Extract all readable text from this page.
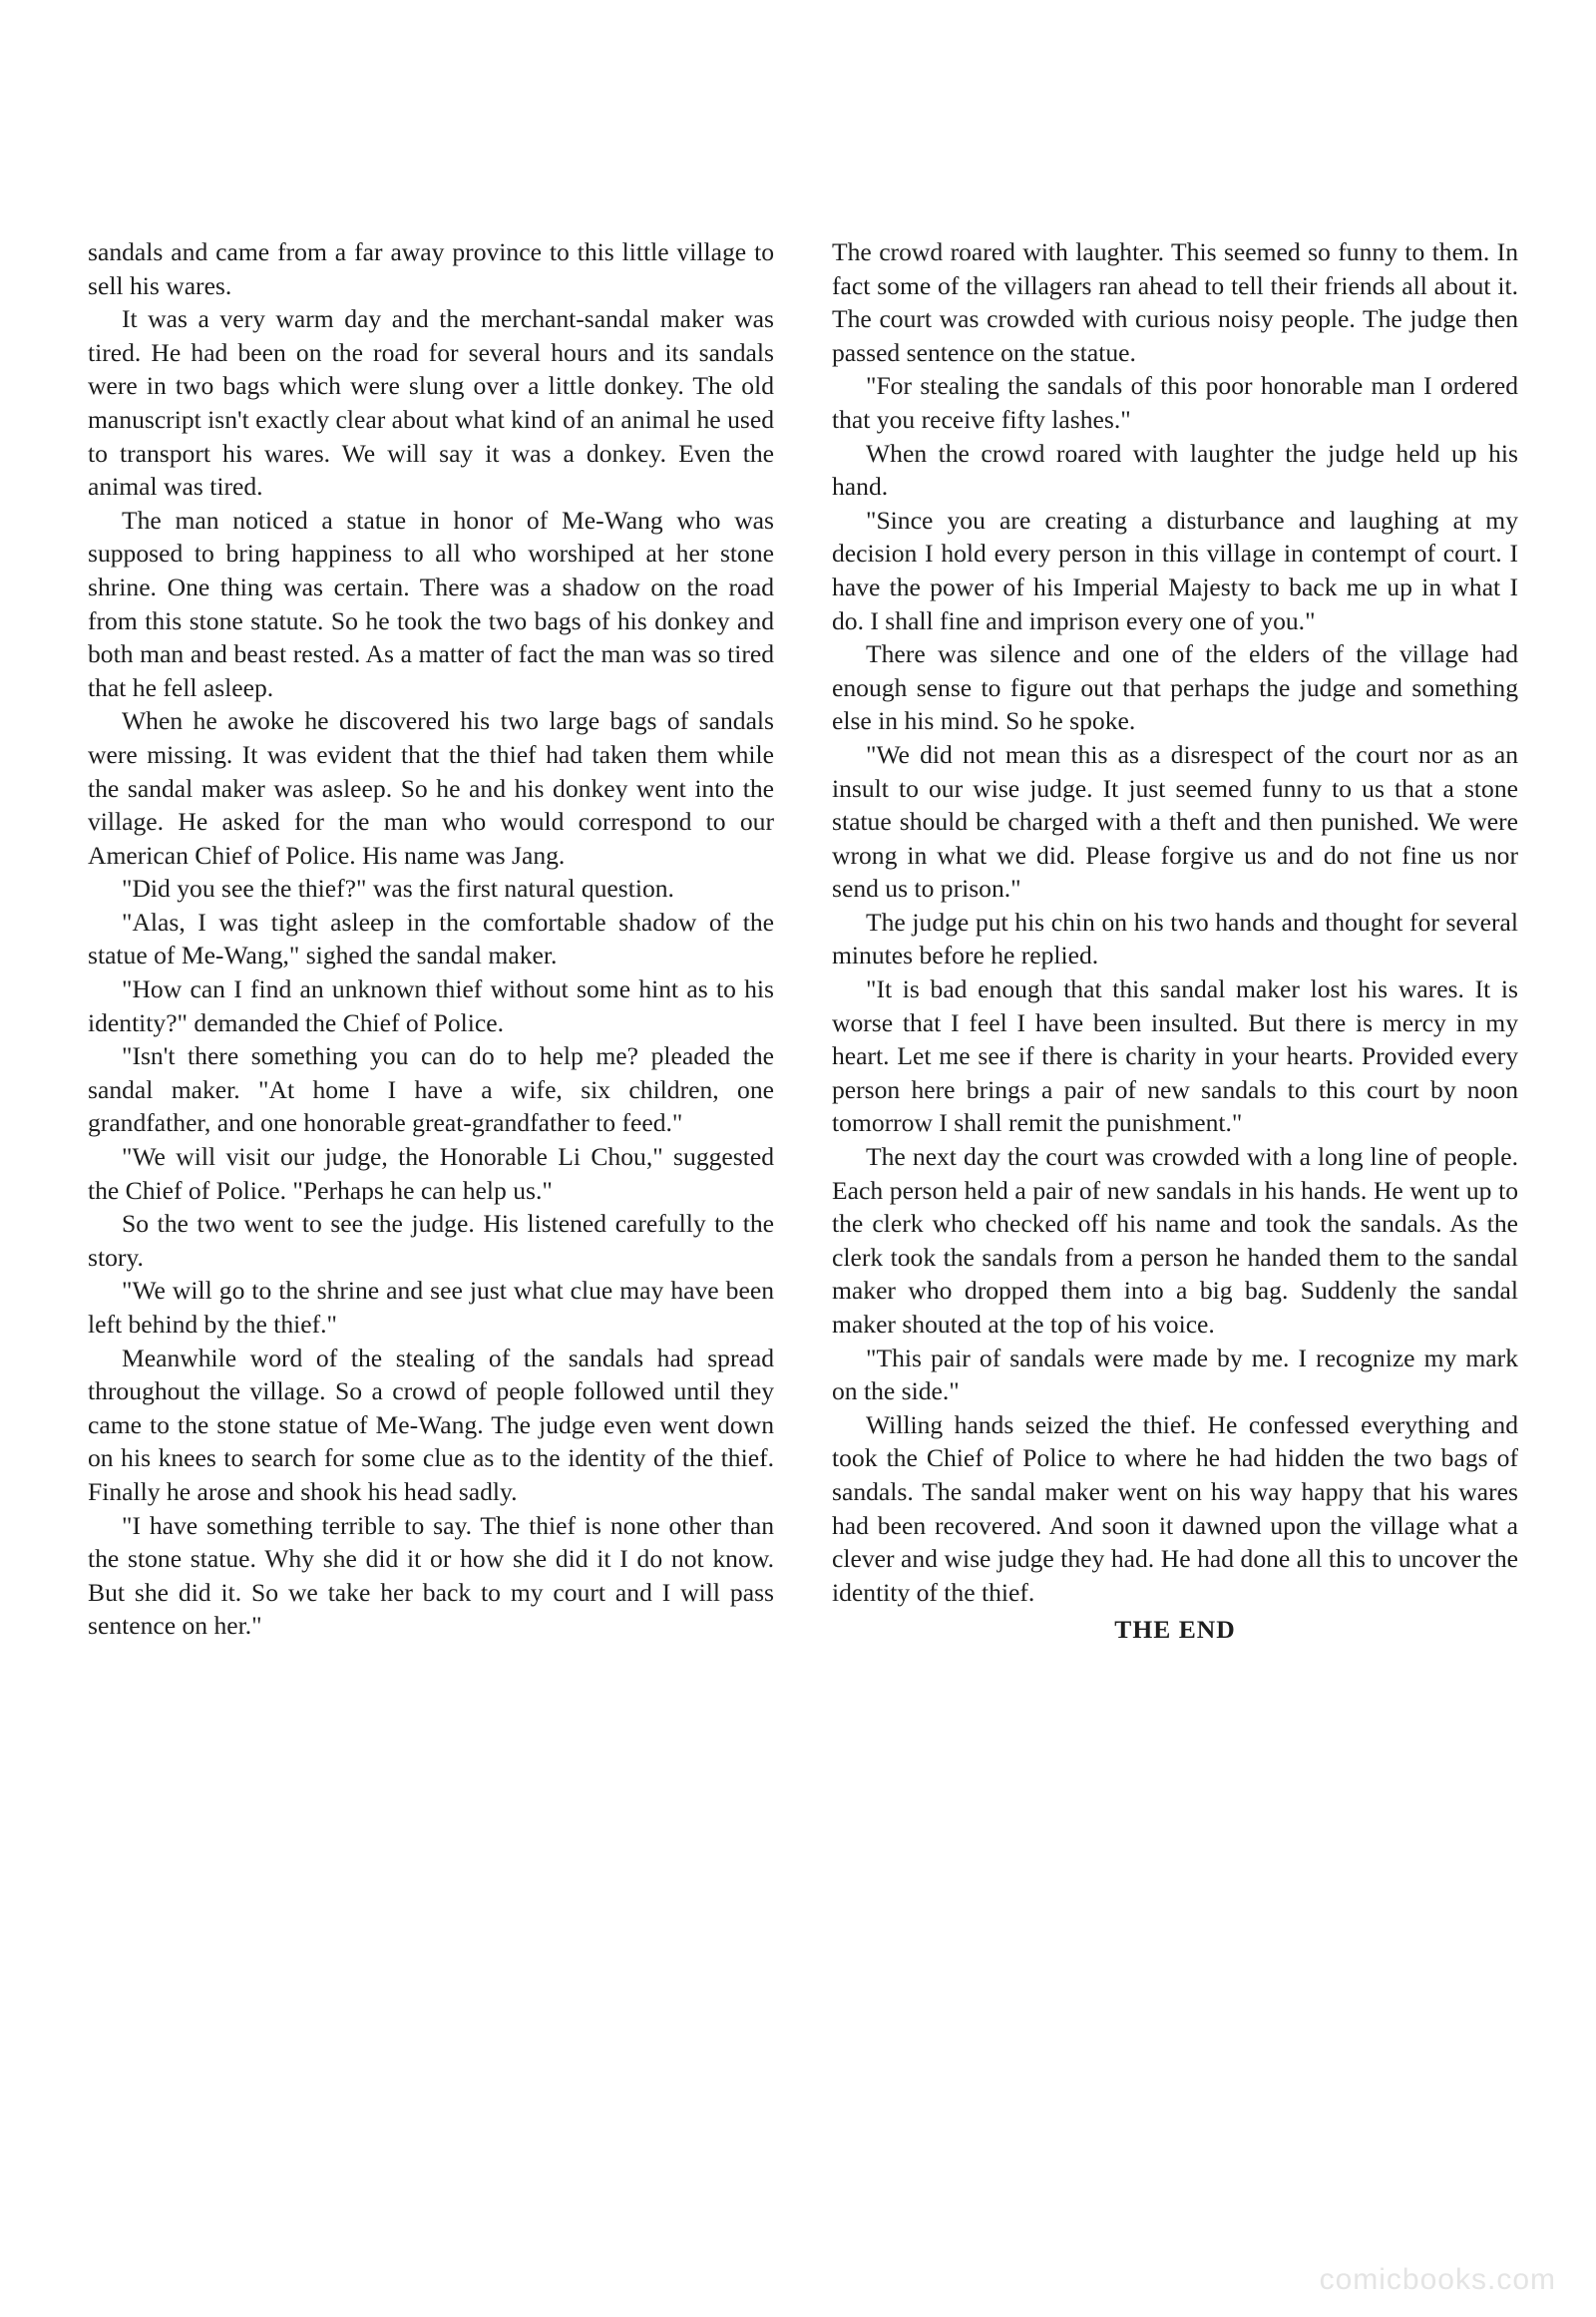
sandals and came from a far away province to this little village to sell his wares.

It was a very warm day and the merchant-sandal maker was tired. He had been on the road for several hours and its sandals were in two bags which were slung over a little donkey. The old manuscript isn't exactly clear about what kind of an animal he used to transport his wares. We will say it was a donkey. Even the animal was tired.

The man noticed a statue in honor of Me-Wang who was supposed to bring happiness to all who worshiped at her stone shrine. One thing was certain. There was a shadow on the road from this stone statute. So he took the two bags of his donkey and both man and beast rested. As a matter of fact the man was so tired that he fell asleep.

When he awoke he discovered his two large bags of sandals were missing. It was evident that the thief had taken them while the sandal maker was asleep. So he and his donkey went into the village. He asked for the man who would correspond to our American Chief of Police. His name was Jang.

"Did you see the thief?" was the first natural question.

"Alas, I was tight asleep in the comfortable shadow of the statue of Me-Wang," sighed the sandal maker.

"How can I find an unknown thief without some hint as to his identity?" demanded the Chief of Police.

"Isn't there something you can do to help me? pleaded the sandal maker. "At home I have a wife, six children, one grandfather, and one honorable great-grandfather to feed."

"We will visit our judge, the Honorable Li Chou," suggested the Chief of Police. "Perhaps he can help us."

So the two went to see the judge. His listened carefully to the story.

"We will go to the shrine and see just what clue may have been left behind by the thief."

Meanwhile word of the stealing of the sandals had spread throughout the village. So a crowd of people followed until they came to the stone statue of Me-Wang. The judge even went down on his knees to search for some clue as to the identity of the thief. Finally he arose and shook his head sadly.

"I have something terrible to say. The thief is none other than the stone statue. Why she did it or how she did it I do not know. But she did it. So we take her back to my court and I will pass sentence on her."

The crowd roared with laughter. This seemed so funny to them. In fact some of the villagers ran ahead to tell their friends all about it. The court was crowded with curious noisy people. The judge then passed sentence on the statue.

"For stealing the sandals of this poor honorable man I ordered that you receive fifty lashes."

When the crowd roared with laughter the judge held up his hand.

"Since you are creating a disturbance and laughing at my decision I hold every person in this village in contempt of court. I have the power of his Imperial Majesty to back me up in what I do. I shall fine and imprison every one of you."

There was silence and one of the elders of the village had enough sense to figure out that perhaps the judge and something else in his mind. So he spoke.

"We did not mean this as a disrespect of the court nor as an insult to our wise judge. It just seemed funny to us that a stone statue should be charged with a theft and then punished. We were wrong in what we did. Please forgive us and do not fine us nor send us to prison."

The judge put his chin on his two hands and thought for several minutes before he replied.

"It is bad enough that this sandal maker lost his wares. It is worse that I feel I have been insulted. But there is mercy in my heart. Let me see if there is charity in your hearts. Provided every person here brings a pair of new sandals to this court by noon tomorrow I shall remit the punishment."

The next day the court was crowded with a long line of people. Each person held a pair of new sandals in his hands. He went up to the clerk who checked off his name and took the sandals. As the clerk took the sandals from a person he handed them to the sandal maker who dropped them into a big bag. Suddenly the sandal maker shouted at the top of his voice.

"This pair of sandals were made by me. I recognize my mark on the side."

Willing hands seized the thief. He confessed everything and took the Chief of Police to where he had hidden the two bags of sandals. The sandal maker went on his way happy that his wares had been recovered. And soon it dawned upon the village what a clever and wise judge they had. He had done all this to uncover the identity of the thief.

THE END

comicbooks.com
